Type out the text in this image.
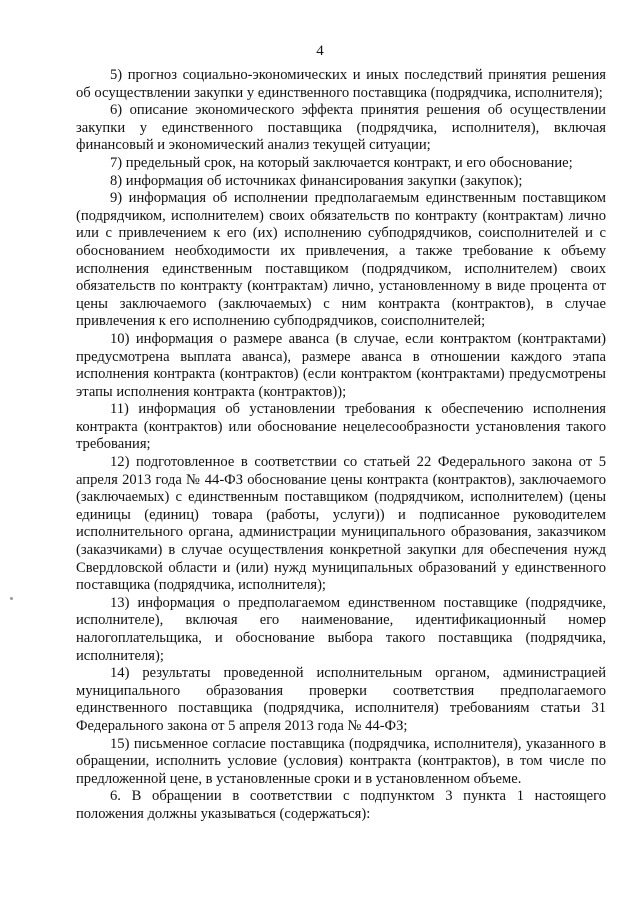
4

5) прогноз социально-экономических и иных последствий принятия решения об осуществлении закупки у единственного поставщика (подрядчика, исполнителя);

6) описание экономического эффекта принятия решения об осуществлении закупки у единственного поставщика (подрядчика, исполнителя), включая финансовый и экономический анализ текущей ситуации;

7) предельный срок, на который заключается контракт, и его обоснование;

8) информация об источниках финансирования закупки (закупок);

9) информация об исполнении предполагаемым единственным поставщиком (подрядчиком, исполнителем) своих обязательств по контракту (контрактам) лично или с привлечением к его (их) исполнению субподрядчиков, соисполнителей и с обоснованием необходимости их привлечения, а также требование к объему исполнения единственным поставщиком (подрядчиком, исполнителем) своих обязательств по контракту (контрактам) лично, установленному в виде процента от цены заключаемого (заключаемых) с ним контракта (контрактов), в случае привлечения к его исполнению субподрядчиков, соисполнителей;

10) информация о размере аванса (в случае, если контрактом (контрактами) предусмотрена выплата аванса), размере аванса в отношении каждого этапа исполнения контракта (контрактов) (если контрактом (контрактами) предусмотрены этапы исполнения контракта (контрактов));

11) информация об установлении требования к обеспечению исполнения контракта (контрактов) или обоснование нецелесообразности установления такого требования;

12) подготовленное в соответствии со статьей 22 Федерального закона от 5 апреля 2013 года № 44-ФЗ обоснование цены контракта (контрактов), заключаемого (заключаемых) с единственным поставщиком (подрядчиком, исполнителем) (цены единицы (единиц) товара (работы, услуги)) и подписанное руководителем исполнительного органа, администрации муниципального образования, заказчиком (заказчиками) в случае осуществления конкретной закупки для обеспечения нужд Свердловской области и (или) нужд муниципальных образований у единственного поставщика (подрядчика, исполнителя);

13) информация о предполагаемом единственном поставщике (подрядчике, исполнителе), включая его наименование, идентификационный номер налогоплательщика, и обоснование выбора такого поставщика (подрядчика, исполнителя);

14) результаты проведенной исполнительным органом, администрацией муниципального образования проверки соответствия предполагаемого единственного поставщика (подрядчика, исполнителя) требованиям статьи 31 Федерального закона от 5 апреля 2013 года № 44-ФЗ;

15) письменное согласие поставщика (подрядчика, исполнителя), указанного в обращении, исполнить условие (условия) контракта (контрактов), в том числе по предложенной цене, в установленные сроки и в установленном объеме.

6. В обращении в соответствии с подпунктом 3 пункта 1 настоящего положения должны указываться (содержаться):
